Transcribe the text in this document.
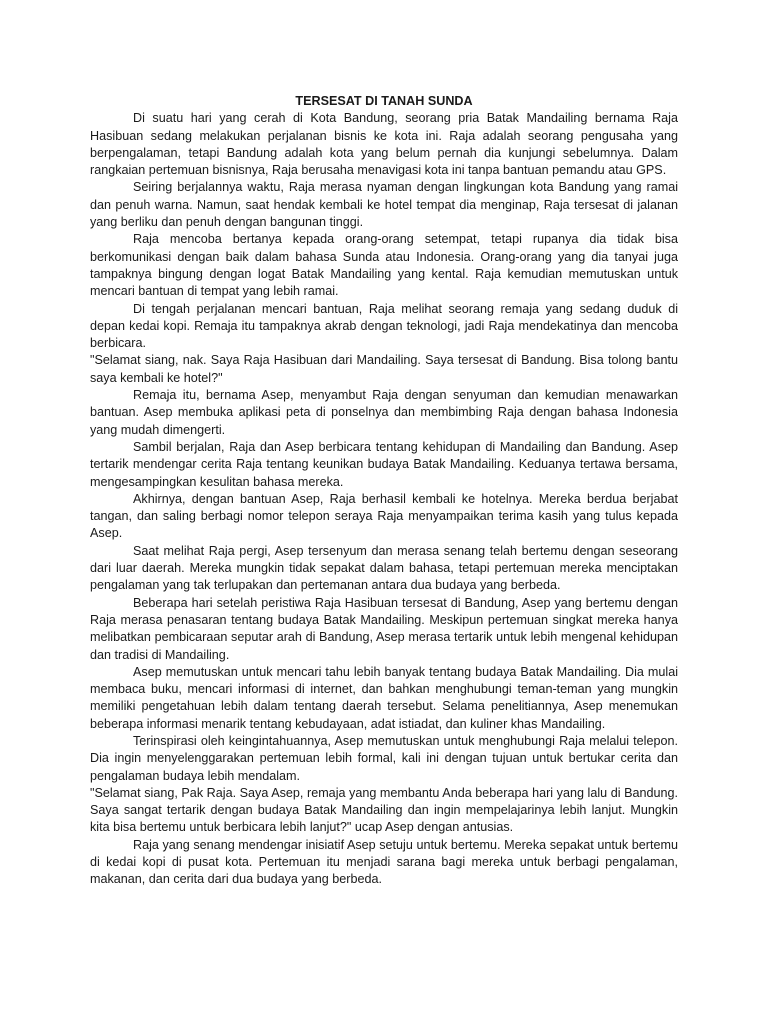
TERSESAT DI TANAH SUNDA

Di suatu hari yang cerah di Kota Bandung, seorang pria Batak Mandailing bernama Raja Hasibuan sedang melakukan perjalanan bisnis ke kota ini. Raja adalah seorang pengusaha yang berpengalaman, tetapi Bandung adalah kota yang belum pernah dia kunjungi sebelumnya. Dalam rangkaian pertemuan bisnisnya, Raja berusaha menavigasi kota ini tanpa bantuan pemandu atau GPS.

Seiring berjalannya waktu, Raja merasa nyaman dengan lingkungan kota Bandung yang ramai dan penuh warna. Namun, saat hendak kembali ke hotel tempat dia menginap, Raja tersesat di jalanan yang berliku dan penuh dengan bangunan tinggi.

Raja mencoba bertanya kepada orang-orang setempat, tetapi rupanya dia tidak bisa berkomunikasi dengan baik dalam bahasa Sunda atau Indonesia. Orang-orang yang dia tanyai juga tampaknya bingung dengan logat Batak Mandailing yang kental. Raja kemudian memutuskan untuk mencari bantuan di tempat yang lebih ramai.

Di tengah perjalanan mencari bantuan, Raja melihat seorang remaja yang sedang duduk di depan kedai kopi. Remaja itu tampaknya akrab dengan teknologi, jadi Raja mendekatinya dan mencoba berbicara.

"Selamat siang, nak. Saya Raja Hasibuan dari Mandailing. Saya tersesat di Bandung. Bisa tolong bantu saya kembali ke hotel?"

Remaja itu, bernama Asep, menyambut Raja dengan senyuman dan kemudian menawarkan bantuan. Asep membuka aplikasi peta di ponselnya dan membimbing Raja dengan bahasa Indonesia yang mudah dimengerti.

Sambil berjalan, Raja dan Asep berbicara tentang kehidupan di Mandailing dan Bandung. Asep tertarik mendengar cerita Raja tentang keunikan budaya Batak Mandailing. Keduanya tertawa bersama, mengesampingkan kesulitan bahasa mereka.

Akhirnya, dengan bantuan Asep, Raja berhasil kembali ke hotelnya. Mereka berdua berjabat tangan, dan saling berbagi nomor telepon seraya Raja menyampaikan terima kasih yang tulus kepada Asep.

Saat melihat Raja pergi, Asep tersenyum dan merasa senang telah bertemu dengan seseorang dari luar daerah. Mereka mungkin tidak sepakat dalam bahasa, tetapi pertemuan mereka menciptakan pengalaman yang tak terlupakan dan pertemanan antara dua budaya yang berbeda.

Beberapa hari setelah peristiwa Raja Hasibuan tersesat di Bandung, Asep yang bertemu dengan Raja merasa penasaran tentang budaya Batak Mandailing. Meskipun pertemuan singkat mereka hanya melibatkan pembicaraan seputar arah di Bandung, Asep merasa tertarik untuk lebih mengenal kehidupan dan tradisi di Mandailing.

Asep memutuskan untuk mencari tahu lebih banyak tentang budaya Batak Mandailing. Dia mulai membaca buku, mencari informasi di internet, dan bahkan menghubungi teman-teman yang mungkin memiliki pengetahuan lebih dalam tentang daerah tersebut. Selama penelitiannya, Asep menemukan beberapa informasi menarik tentang kebudayaan, adat istiadat, dan kuliner khas Mandailing.

Terinspirasi oleh keingintahuannya, Asep memutuskan untuk menghubungi Raja melalui telepon. Dia ingin menyelenggarakan pertemuan lebih formal, kali ini dengan tujuan untuk bertukar cerita dan pengalaman budaya lebih mendalam.

"Selamat siang, Pak Raja. Saya Asep, remaja yang membantu Anda beberapa hari yang lalu di Bandung. Saya sangat tertarik dengan budaya Batak Mandailing dan ingin mempelajarinya lebih lanjut. Mungkin kita bisa bertemu untuk berbicara lebih lanjut?" ucap Asep dengan antusias.

Raja yang senang mendengar inisiatif Asep setuju untuk bertemu. Mereka sepakat untuk bertemu di kedai kopi di pusat kota. Pertemuan itu menjadi sarana bagi mereka untuk berbagi pengalaman, makanan, dan cerita dari dua budaya yang berbeda.
